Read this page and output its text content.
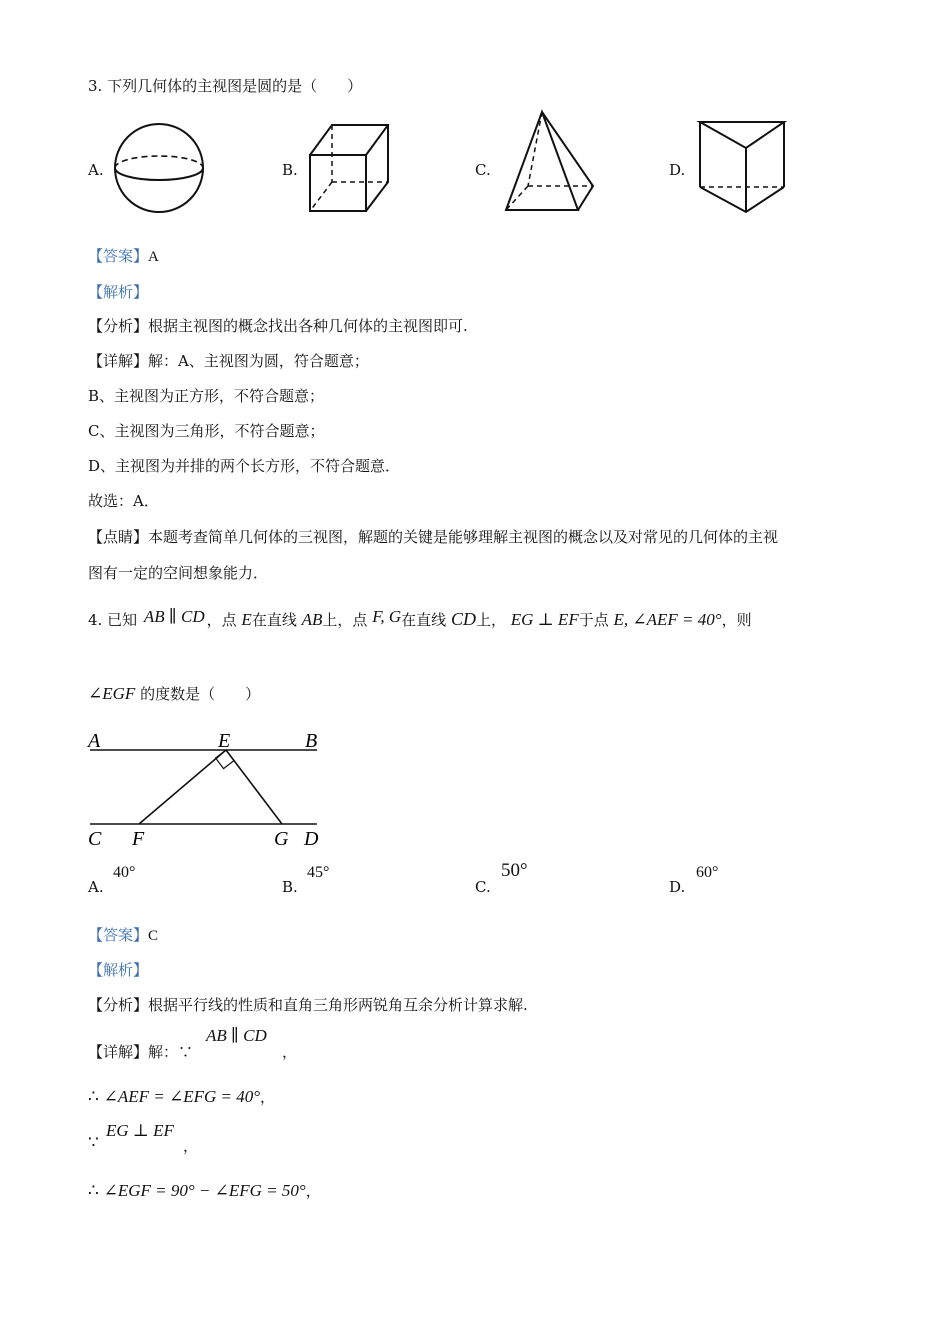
3. 下列几何体的主视图是圆的是（　　）
A.	B.	C.	D.
【答案】A
【解析】
【分析】根据主视图的概念找出各种几何体的主视图即可.
【详解】解：A、主视图为圆，符合题意；
B、主视图为正方形，不符合题意；
C、主视图为三角形，不符合题意；
D、主视图为并排的两个长方形，不符合题意．
故选：A．
【点睛】本题考查简单几何体的三视图，解题的关键是能够理解主视图的概念以及对常见的几何体的主视
图有一定的空间想象能力．
4. 已知 AB ∥ CD ，点 E在直线 AB上，点 F, G在直线 CD上， EG ⊥ EF于点 E, ∠AEF = 40°，则
∠EGF 的度数是（　　）
A	E	B
C F	G D
A.
40°
B.
45°
C.
50°
D.
60°
【答案】C
【解析】
【分析】根据平行线的性质和直角三角形两锐角互余分析计算求解.
【详解】解：∵
AB ∥ CD
，
∴ ∠AEF = ∠EFG = 40°，
∵
EG ⊥ EF
，
∴ ∠EGF = 90° − ∠EFG = 50°，
